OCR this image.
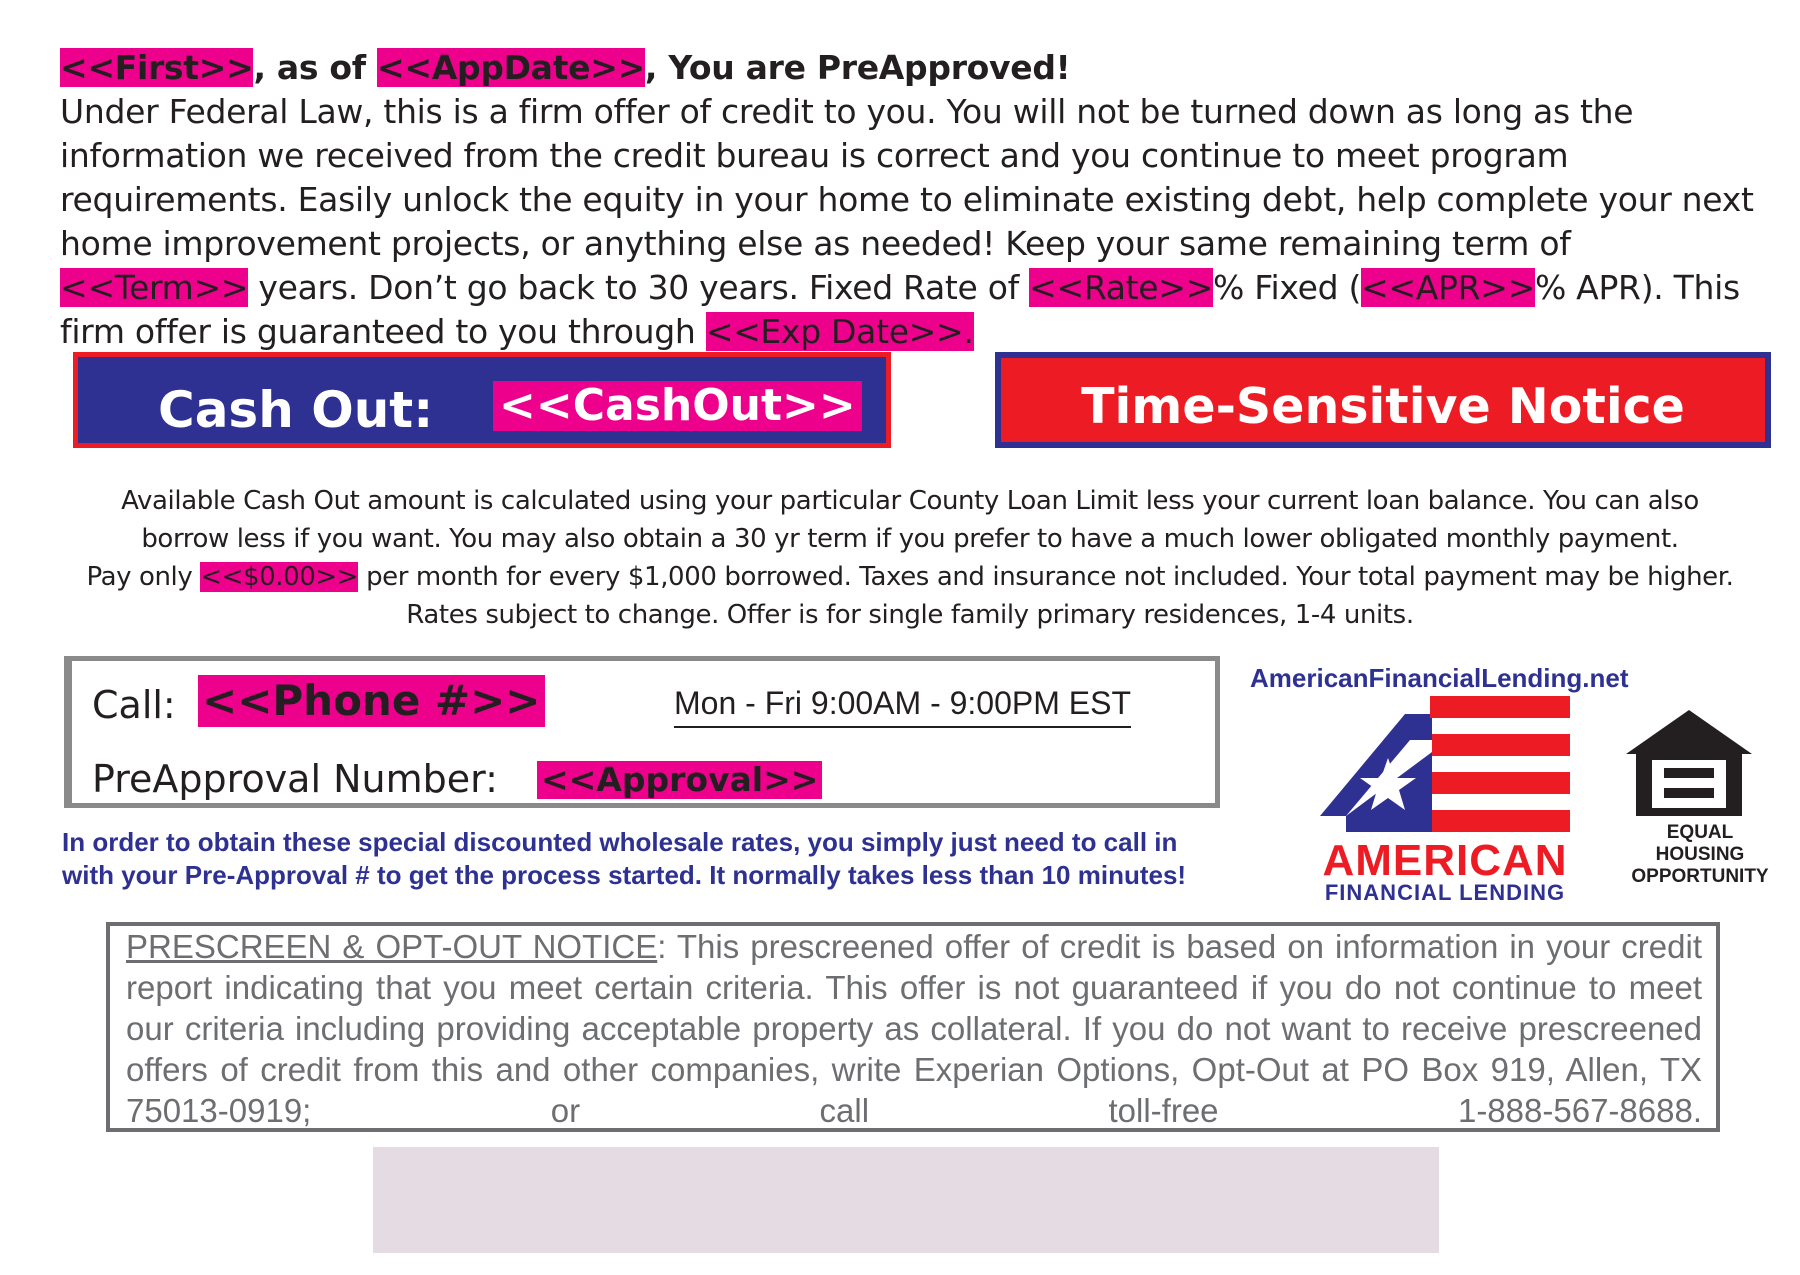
<<First>>, as of <<AppDate>>, You are PreApproved!
Under Federal Law, this is a firm offer of credit to you. You will not be turned down as long as the information we received from the credit bureau is correct and you continue to meet program requirements. Easily unlock the equity in your home to eliminate existing debt, help complete your next home improvement projects, or anything else as needed! Keep your same remaining term of <<Term>> years. Don’t go back to 30 years. Fixed Rate of <<Rate>>% Fixed (<<APR>>% APR). This firm offer is guaranteed to you through <<Exp Date>>.

Cash Out: <<CashOut>>	Time-Sensitive Notice

Available Cash Out amount is calculated using your particular County Loan Limit less your current loan balance. You can also

borrow less if you want. You may also obtain a 30 yr term if you prefer to have a much lower obligated monthly payment.

Pay only <<$0.00>> per month for every $1,000 borrowed. Taxes and insurance not included. Your total payment may be higher.

Rates subject to change. Offer is for single family primary residences, 1-4 units.

Call: <<Phone #>>	Mon - Fri 9:00AM - 9:00PM EST
PreApproval Number: <<Approval>>
In order to obtain these special discounted wholesale rates, you simply just need to call in
with your Pre-Approval # to get the process started. It normally takes less than 10 minutes!
AmericanFinancialLending.net
AMERICAN
FINANCIAL LENDING
EQUAL HOUSING
OPPORTUNITY
PRESCREEN & OPT-OUT NOTICE: This prescreened offer of credit is based on information in your credit report indicating that you meet certain criteria. This offer is not guaranteed if you do not continue to meet our criteria including providing acceptable property as collateral. If you do not want to receive prescreened offers of credit from this and other companies, write Experian Options, Opt-Out at PO Box 919, Allen, TX 75013-0919; or call toll-free 1-888-567-8688.
